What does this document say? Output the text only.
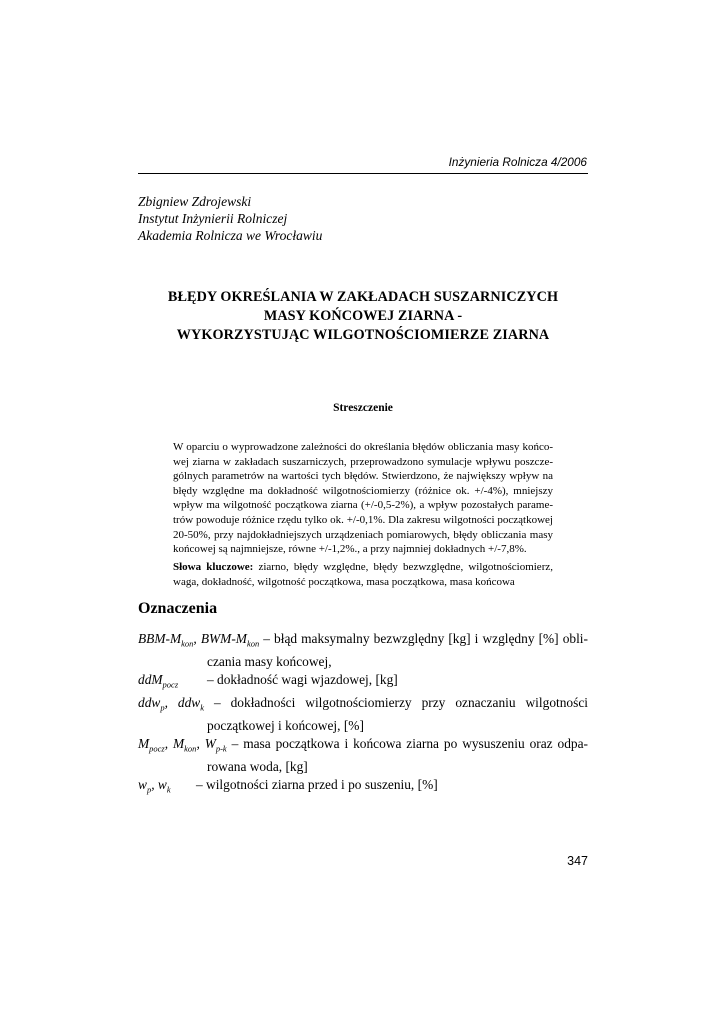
Inżynieria Rolnicza 4/2006
Zbigniew Zdrojewski
Instytut Inżynierii Rolniczej
Akademia Rolnicza we Wrocławiu
BŁĘDY OKREŚLANIA W ZAKŁADACH SUSZARNICZYCH
MASY KOŃCOWEJ ZIARNA -
WYKORZYSTUJĄC WILGOTNOŚCIOMIERZE ZIARNA
Streszczenie
W oparciu o wyprowadzone zależności do określania błędów obliczania masy końco-
wej ziarna w zakładach suszarniczych, przeprowadzono symulacje wpływu poszcze-
gólnych parametrów na wartości tych błędów. Stwierdzono, że największy wpływ na
błędy względne ma dokładność wilgotnościomierzy (różnice ok. +/-4%), mniejszy
wpływ ma wilgotność początkowa ziarna (+/-0,5-2%), a wpływ pozostałych parame-
trów powoduje różnice rzędu tylko ok. +/-0,1%. Dla zakresu wilgotności początkowej
20-50%, przy najdokładniejszych urządzeniach pomiarowych, błędy obliczania masy
końcowej są najmniejsze, równe +/-1,2%., a przy najmniej dokładnych +/-7,8%.
Słowa kluczowe: ziarno, błędy względne, błędy bezwzględne, wilgotnościomierz,
waga, dokładność, wilgotność początkowa, masa początkowa, masa końcowa
Oznaczenia
BBM-$M_{kon}$, BWM-$M_{kon}$ – błąd maksymalny bezwzględny [kg] i względny [%] obli-
czania masy końcowej,
ddM$_{pocz}$ – dokładność wagi wjazdowej, [kg]
ddw$_p$, ddw$_k$ – dokładności wilgotnościomierzy przy oznaczaniu wilgotności
początkowej i końcowej, [%]
$M_{pocz}$, $M_{kon}$, $W_{p-k}$ – masa początkowa i końcowa ziarna po wysuszeniu oraz odpa-
rowana woda, [kg]
$w_p$, $w_k$ – wilgotności ziarna przed i po suszeniu, [%]
347
